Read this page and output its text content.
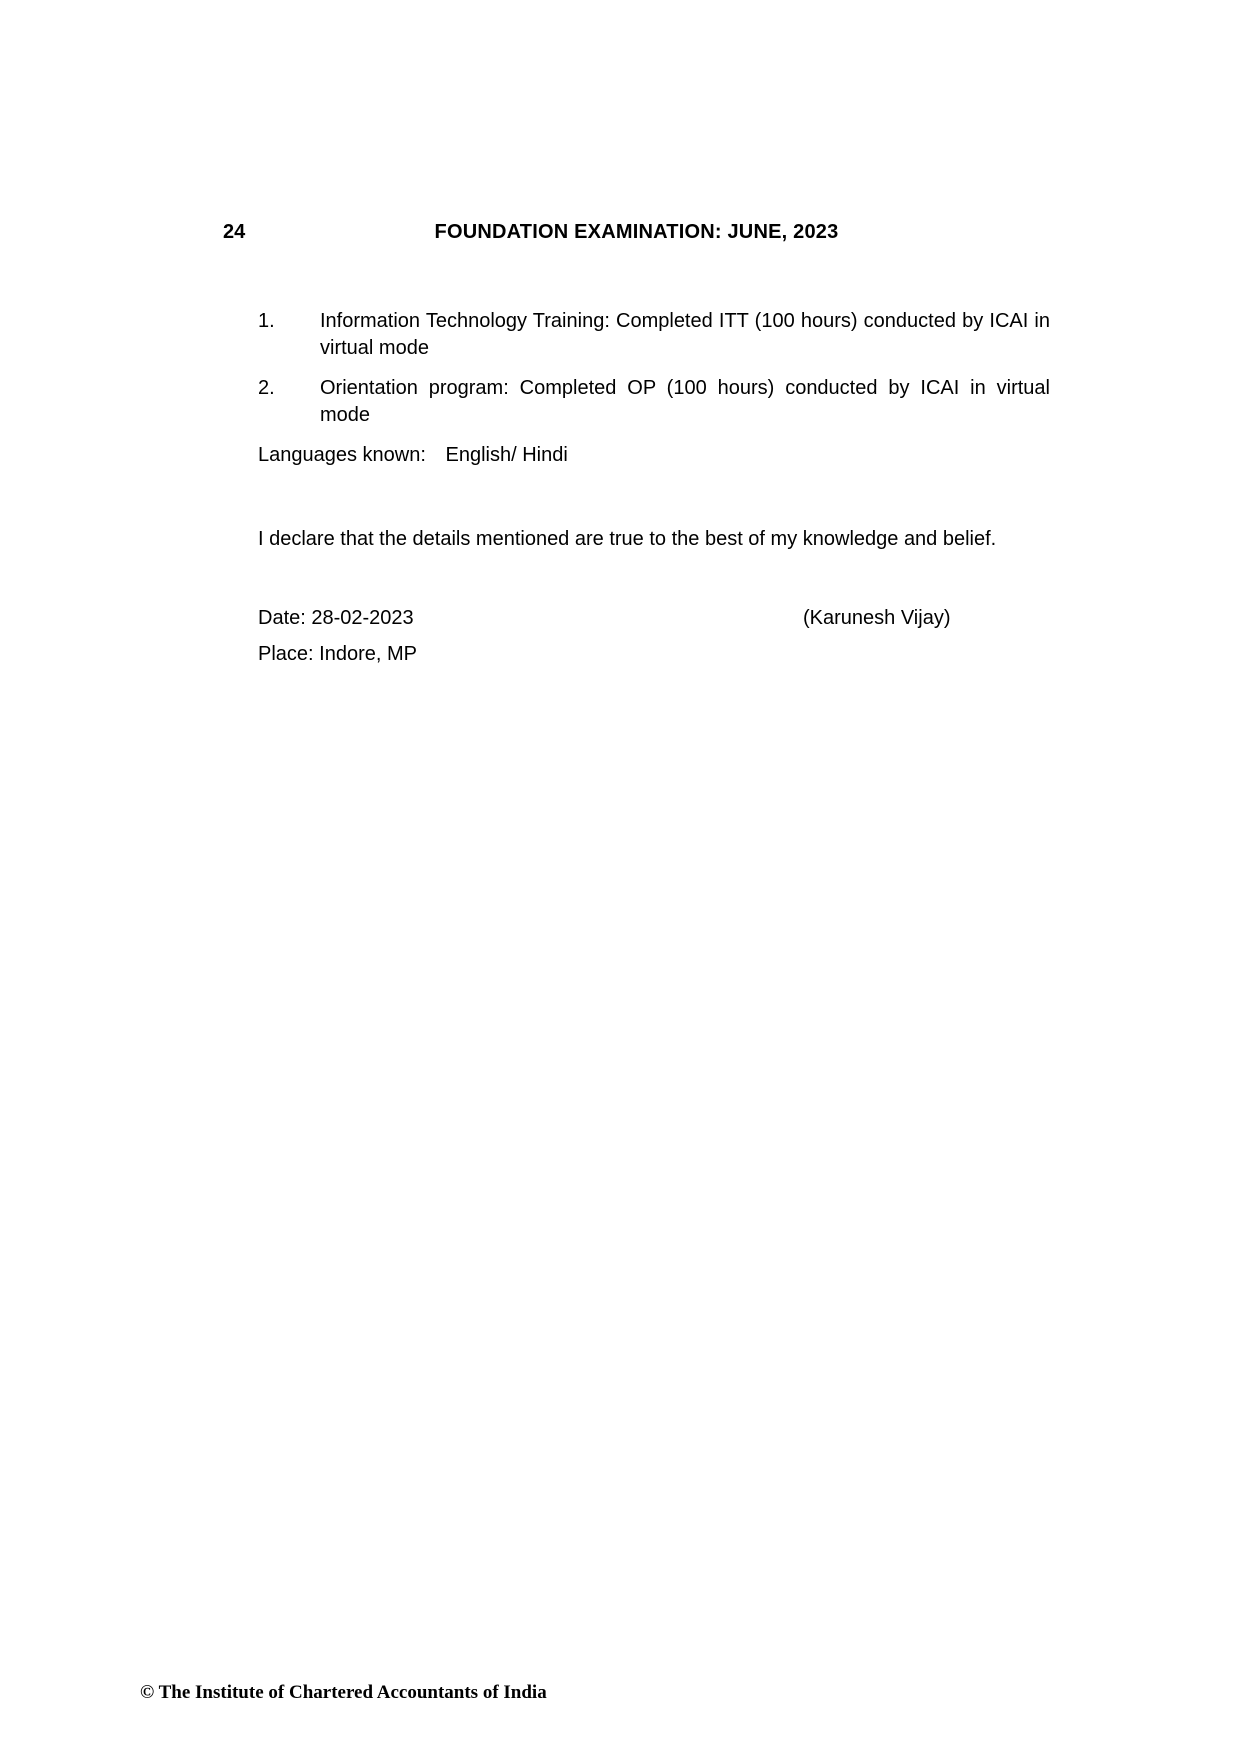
24	FOUNDATION EXAMINATION: JUNE, 2023
1.	Information Technology Training: Completed ITT (100 hours) conducted by ICAI in virtual mode
2.	Orientation program: Completed OP (100 hours) conducted by ICAI in virtual mode
Languages known: English/ Hindi
I declare that the details mentioned are true to the best of my knowledge and belief.
Date: 28-02-2023	(Karunesh Vijay)
Place: Indore, MP
© The Institute of Chartered Accountants of India
